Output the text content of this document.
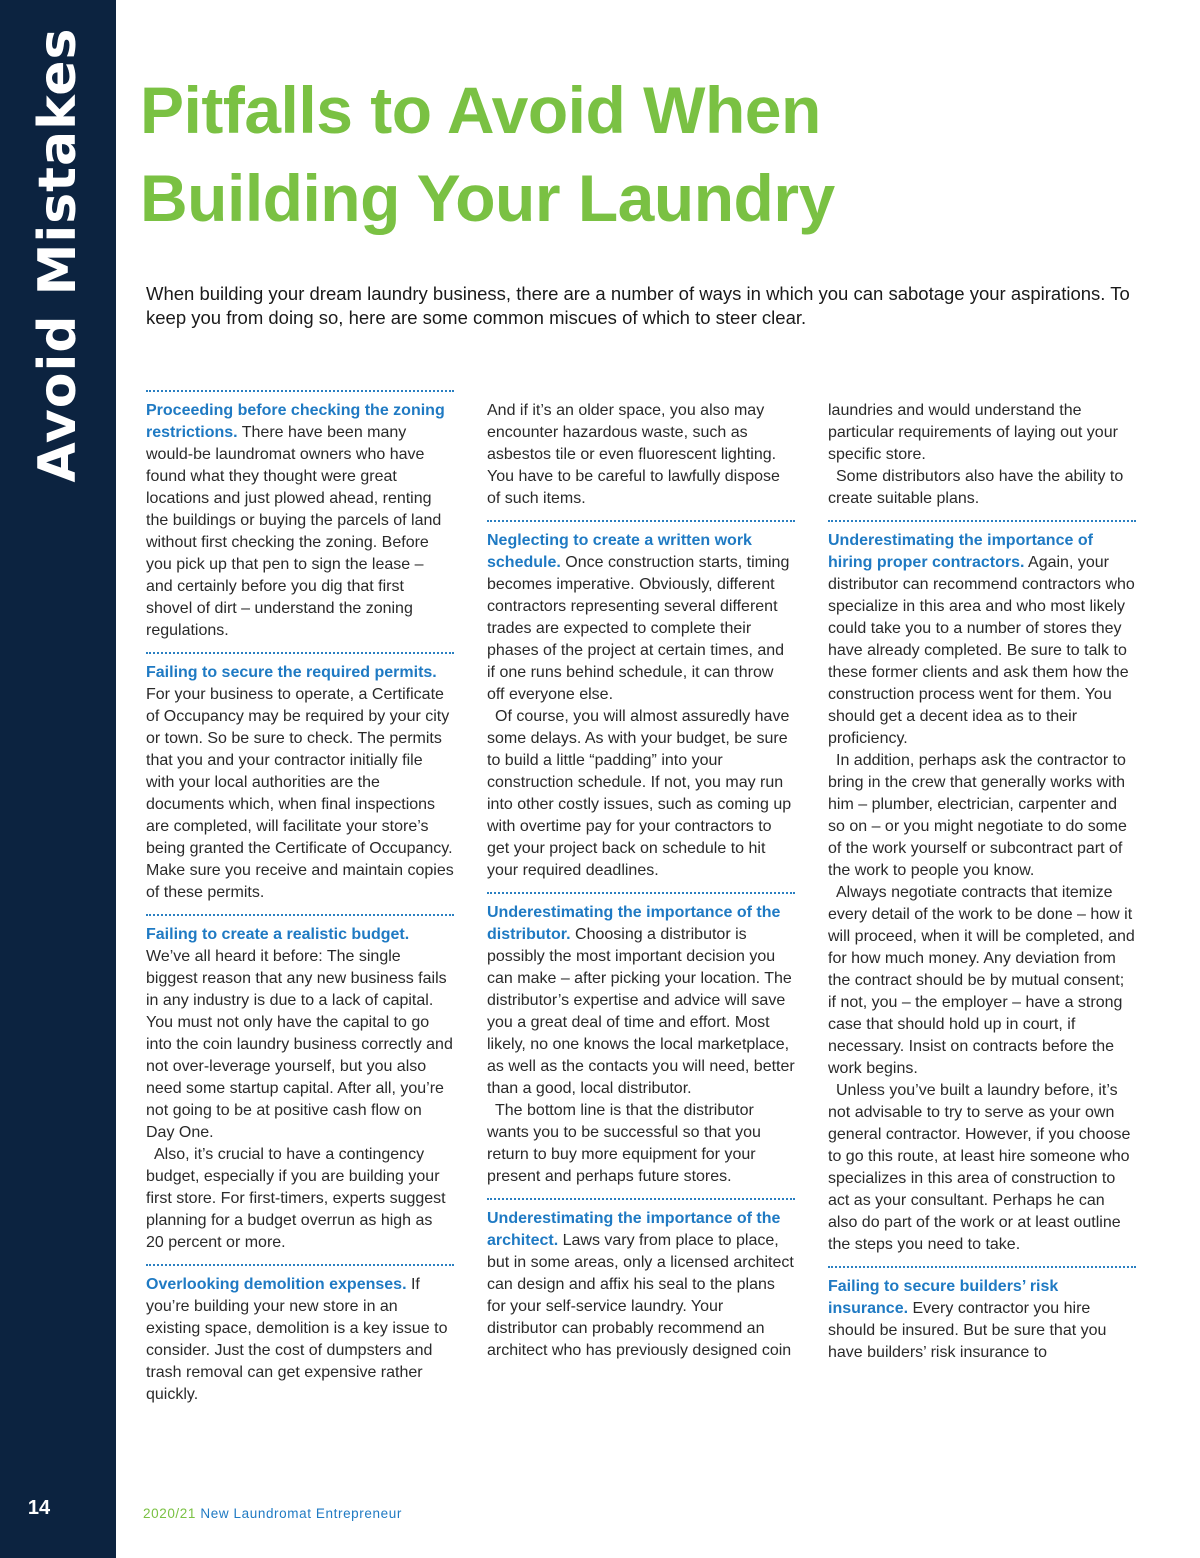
Avoid Mistakes
14
Pitfalls to Avoid When
Building Your Laundry

When building your dream laundry business, there are a number of ways in which you can sabotage your aspirations. To keep you from doing so, here are some common miscues of which to steer clear.

Proceeding before checking the zoning restrictions. There have been many would-be laundromat owners who have found what they thought were great locations and just plowed ahead, renting the buildings or buying the parcels of land without first checking the zoning. Before you pick up that pen to sign the lease – and certainly before you dig that first shovel of dirt – understand the zoning regulations.

Failing to secure the required permits. For your business to operate, a Certificate of Occupancy may be required by your city or town. So be sure to check. The permits that you and your contractor initially file with your local authorities are the documents which, when final inspections are completed, will facilitate your store’s being granted the Certificate of Occupancy. Make sure you receive and maintain copies of these permits.

Failing to create a realistic budget. We’ve all heard it before: The single biggest reason that any new business fails in any industry is due to a lack of capital. You must not only have the capital to go into the coin laundry business correctly and not over-leverage yourself, but you also need some startup capital. After all, you’re not going to be at positive cash flow on Day One.

Also, it’s crucial to have a contingency budget, especially if you are building your first store. For first-timers, experts suggest planning for a budget overrun as high as 20 percent or more.

Overlooking demolition expenses. If you’re building your new store in an existing space, demolition is a key issue to consider. Just the cost of dumpsters and trash removal can get expensive rather quickly.

And if it’s an older space, you also may encounter hazardous waste, such as asbestos tile or even fluorescent lighting. You have to be careful to lawfully dispose of such items.

Neglecting to create a written work schedule. Once construction starts, timing becomes imperative. Obviously, different contractors representing several different trades are expected to complete their phases of the project at certain times, and if one runs behind schedule, it can throw off everyone else.

Of course, you will almost assuredly have some delays. As with your budget, be sure to build a little “padding” into your construction schedule. If not, you may run into other costly issues, such as coming up with overtime pay for your contractors to get your project back on schedule to hit your required deadlines.

Underestimating the importance of the distributor. Choosing a distributor is possibly the most important decision you can make – after picking your location. The distributor’s expertise and advice will save you a great deal of time and effort. Most likely, no one knows the local marketplace, as well as the contacts you will need, better than a good, local distributor.

The bottom line is that the distributor wants you to be successful so that you return to buy more equipment for your present and perhaps future stores.

Underestimating the importance of the architect. Laws vary from place to place, but in some areas, only a licensed architect can design and affix his seal to the plans for your self-service laundry. Your distributor can probably recommend an architect who has previously designed coin

laundries and would understand the particular requirements of laying out your specific store.

Some distributors also have the ability to create suitable plans.

Underestimating the importance of hiring proper contractors. Again, your distributor can recommend contractors who specialize in this area and who most likely could take you to a number of stores they have already completed. Be sure to talk to these former clients and ask them how the construction process went for them. You should get a decent idea as to their proficiency.

In addition, perhaps ask the contractor to bring in the crew that generally works with him – plumber, electrician, carpenter and so on – or you might negotiate to do some of the work yourself or subcontract part of the work to people you know.

Always negotiate contracts that itemize every detail of the work to be done – how it will proceed, when it will be completed, and for how much money. Any deviation from the contract should be by mutual consent; if not, you – the employer – have a strong case that should hold up in court, if necessary. Insist on contracts before the work begins.

Unless you’ve built a laundry before, it’s not advisable to try to serve as your own general contractor. However, if you choose to go this route, at least hire someone who specializes in this area of construction to act as your consultant. Perhaps he can also do part of the work or at least outline the steps you need to take.

Failing to secure builders’ risk insurance. Every contractor you hire should be insured. But be sure that you have builders’ risk insurance to

2020/21 New Laundromat Entrepreneur
